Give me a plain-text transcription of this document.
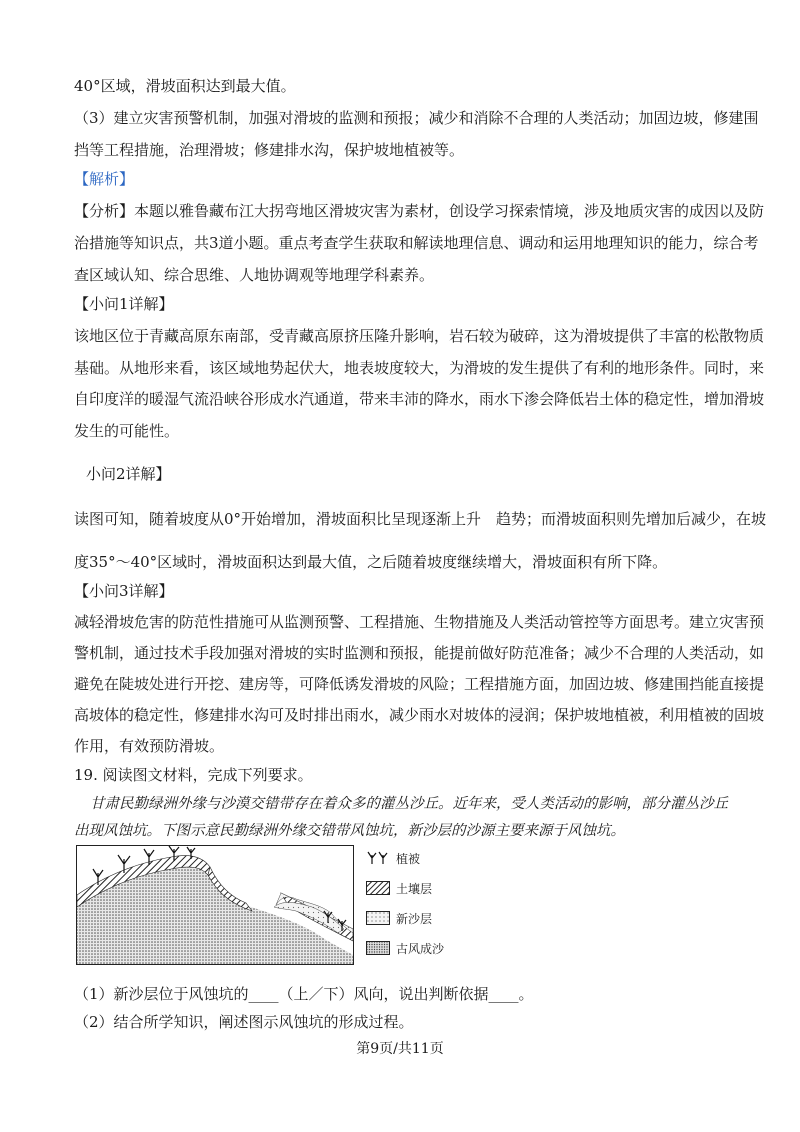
40°区域，滑坡面积达到最大值。
（3）建立灾害预警机制，加强对滑坡的监测和预报；减少和消除不合理的人类活动；加固边坡，修建围
挡等工程措施，治理滑坡；修建排水沟，保护坡地植被等。
【解析】
【分析】本题以雅鲁藏布江大拐弯地区滑坡灾害为素材，创设学习探索情境，涉及地质灾害的成因以及防
治措施等知识点，共3道小题。重点考查学生获取和解读地理信息、调动和运用地理知识的能力，综合考
查区域认知、综合思维、人地协调观等地理学科素养。
【小问1详解】
该地区位于青藏高原东南部，受青藏高原挤压隆升影响，岩石较为破碎，这为滑坡提供了丰富的松散物质
基础。从地形来看，该区域地势起伏大，地表坡度较大，为滑坡的发生提供了有利的地形条件。同时，来
自印度洋的暖湿气流沿峡谷形成水汽通道，带来丰沛的降水，雨水下渗会降低岩土体的稳定性，增加滑坡
发生的可能性。
小问2详解】
读图可知，随着坡度从0°开始增加，滑坡面积比呈现逐渐上升　趋势；而滑坡面积则先增加后减少，在坡
度35°～40°区域时，滑坡面积达到最大值，之后随着坡度继续增大，滑坡面积有所下降。
【小问3详解】
减轻滑坡危害的防范性措施可从监测预警、工程措施、生物措施及人类活动管控等方面思考。建立灾害预
警机制，通过技术手段加强对滑坡的实时监测和预报，能提前做好防范准备；减少不合理的人类活动，如
避免在陡坡处进行开挖、建房等，可降低诱发滑坡的风险；工程措施方面，加固边坡、修建围挡能直接提
高坡体的稳定性，修建排水沟可及时排出雨水，减少雨水对坡体的浸润；保护坡地植被，利用植被的固坡
作用，有效预防滑坡。
19. 阅读图文材料，完成下列要求。
甘肃民勤绿洲外缘与沙漠交错带存在着众多的灌丛沙丘。近年来，受人类活动的影响，部分灌丛沙丘
出现风蚀坑。下图示意民勤绿洲外缘交错带风蚀坑，新沙层的沙源主要来源于风蚀坑。
植被
土壤层
新沙层
古风成沙
（1）新沙层位于风蚀坑的____（上／下）风向，说出判断依据____。
（2）结合所学知识，阐述图示风蚀坑的形成过程。
第9页/共11页
